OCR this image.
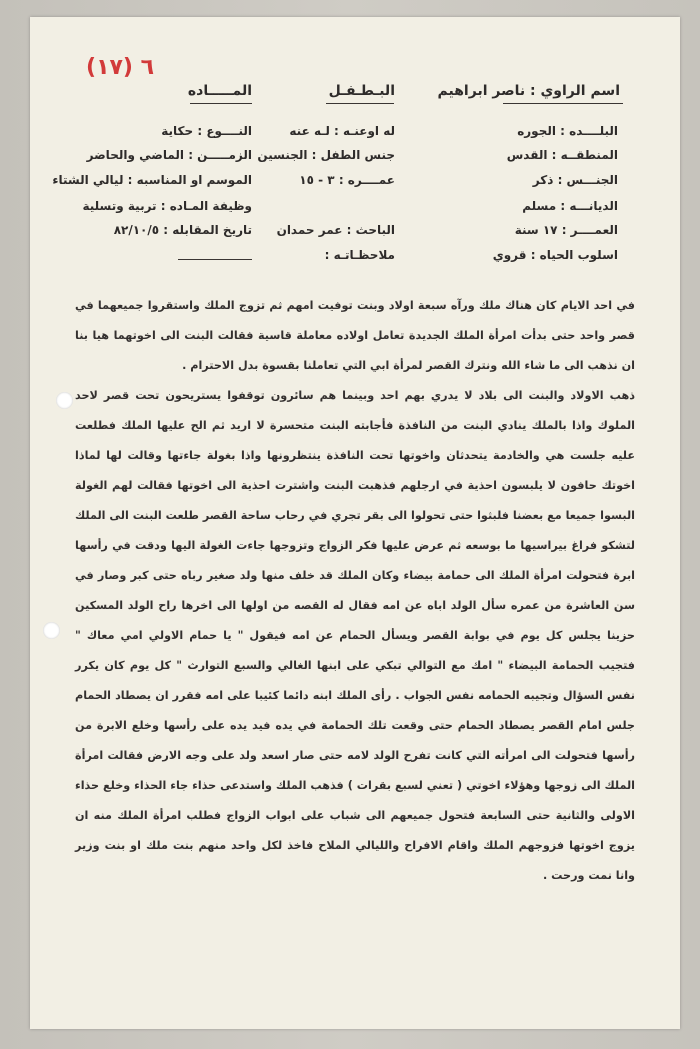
٦ (١٧)
اسم الراوي : ناصر ابراهيم
البلــــده : الجوره
المنطقــه : القدس
الجنـــس : ذكر
الديانـــه : مسلم
العمــــر : ١٧ سنة
اسلوب الحياه : قروي
البـطـفـل
له اوعنـه : لـه عنه
جنس الطفل : الجنسين
عمــــره : ٣ - ١٥
الباحث : عمر حمدان
ملاحظـاتـه :
المـــــاده
النــــوع : حكاية
الزمـــــن : الماضي والحاضر
الموسم او المناسبه : ليالي الشتاء
وظيفة المـاده : تربية وتسلية
تاريخ المقابله : ٨٢/١٠/٥

في احد الايام كان هناك ملك ورآه سبعة اولاد وبنت توفيت امهم ثم تزوج الملك واستقروا جميعهما في قصر واحد حتى بدأت امرأة الملك الجديدة تعامل اولاده معاملة قاسية فقالت البنت الى اخوتهما هيا بنا ان نذهب الى ما شاء الله ونترك القصر لمرأة ابي التي تعاملنا بقسوة بدل الاحترام .

ذهب الاولاد والبنت الى بلاد لا يدري بهم احد وبينما هم سائرون توقفوا يستريحون تحت قصر لاحد الملوك واذا بالملك ينادي البنت من النافذة فأجابته البنت متحسرة لا اريد ثم الح عليها الملك فطلعت عليه جلست هي والخادمة يتحدثان واخوتها تحت النافذة ينتظرونها واذا بغولة جاءتها وقالت لها لماذا اخوتك حافون لا يلبسون احذية في ارجلهم فذهبت البنت واشترت احذية الى اخوتها فقالت لهم الغولة البسوا جميعا مع بعضنا فلبثوا حتى تحولوا الى بقر تجري في رحاب ساحة القصر طلعت البنت الى الملك لتشكو فراغ بيراسيها ما بوسعه ثم عرض عليها فكر الزواج وتزوجها جاءت الغولة اليها ودقت في رأسها ابرة فتحولت امرأة الملك الى حمامة بيضاء وكان الملك قد خلف منها ولد صغير رباه حتى كبر وصار في سن العاشرة من عمره سأل الولد اباه عن امه فقال له القصه من اولها الى اخرها راح الولد المسكين حزينا يجلس كل يوم في بوابة القصر ويسأل الحمام عن امه فيقول " يا حمام الاولي امي معاك " فتجيب الحمامة البيضاء " امك مع التوالي تبكي على ابنها الغالي والسبع التوارث " كل يوم كان يكرر نفس السؤال وتجيبه الحمامه نفس الجواب . رأى الملك ابنه دائما كئيبا على امه فقرر ان يصطاد الحمام جلس امام القصر يصطاد الحمام حتى وقعت تلك الحمامة في يده فيد يده على رأسها وخلع الابرة من رأسها فتحولت الى امرأته التي كانت تفرح الولد لامه حتى صار اسعد ولد على وجه الارض فقالت امرأة الملك الى زوجها وهؤلاء اخوتي ( تعني لسبع بقرات ) فذهب الملك واستدعى حذاء جاء الحذاء وخلع حذاء الاولى والثانية حتى السابعة فتحول جميعهم الى شباب على ابواب الزواج فطلب امرأة الملك منه ان يزوج اخوتها فزوجهم الملك واقام الافراح والليالي الملاح فاخذ لكل واحد منهم بنت ملك او بنت وزير وانا نمت ورحت .
